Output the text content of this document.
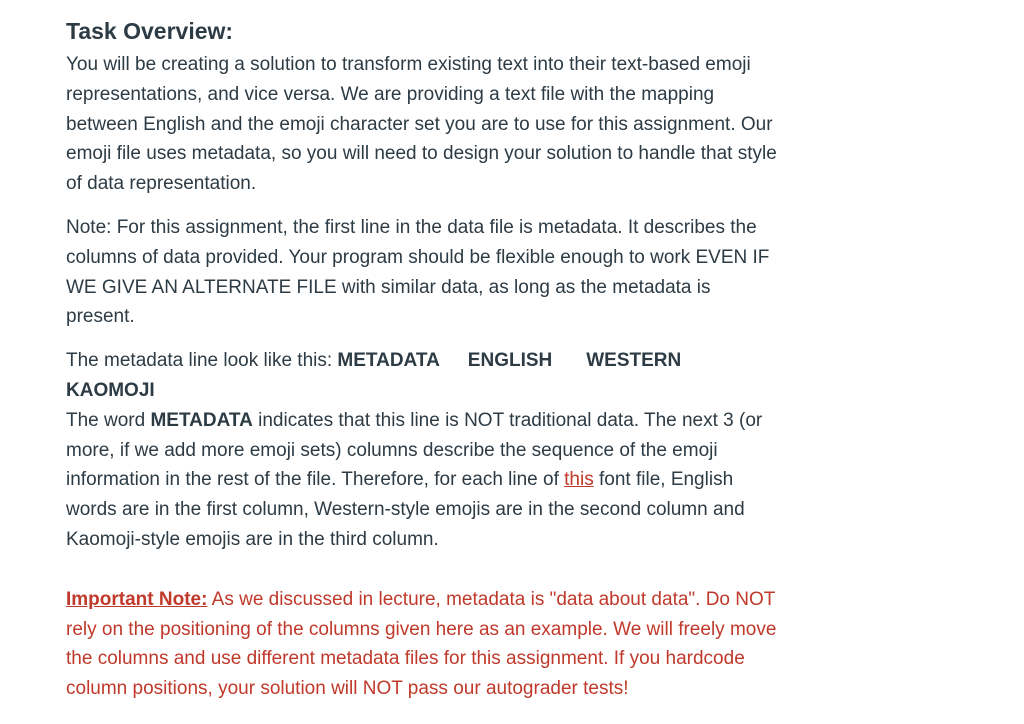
Task Overview:

You will be creating a solution to transform existing text into their text-based emoji representations, and vice versa. We are providing a text file with the mapping between English and the emoji character set you are to use for this assignment. Our emoji file uses metadata, so you will need to design your solution to handle that style of data representation.

Note: For this assignment, the first line in the data file is metadata. It describes the columns of data provided. Your program should be flexible enough to work EVEN IF WE GIVE AN ALTERNATE FILE with similar data, as long as the metadata is present.

The metadata line look like this: METADATA ENGLISH WESTERN
KAOMOJI

The word METADATA indicates that this line is NOT traditional data. The next 3 (or more, if we add more emoji sets) columns describe the sequence of the emoji information in the rest of the file. Therefore, for each line of this font file, English words are in the first column, Western-style emojis are in the second column and Kaomoji-style emojis are in the third column.

Important Note: As we discussed in lecture, metadata is "data about data". Do NOT rely on the positioning of the columns given here as an example. We will freely move the columns and use different metadata files for this assignment. If you hardcode column positions, your solution will NOT pass our autograder tests!
